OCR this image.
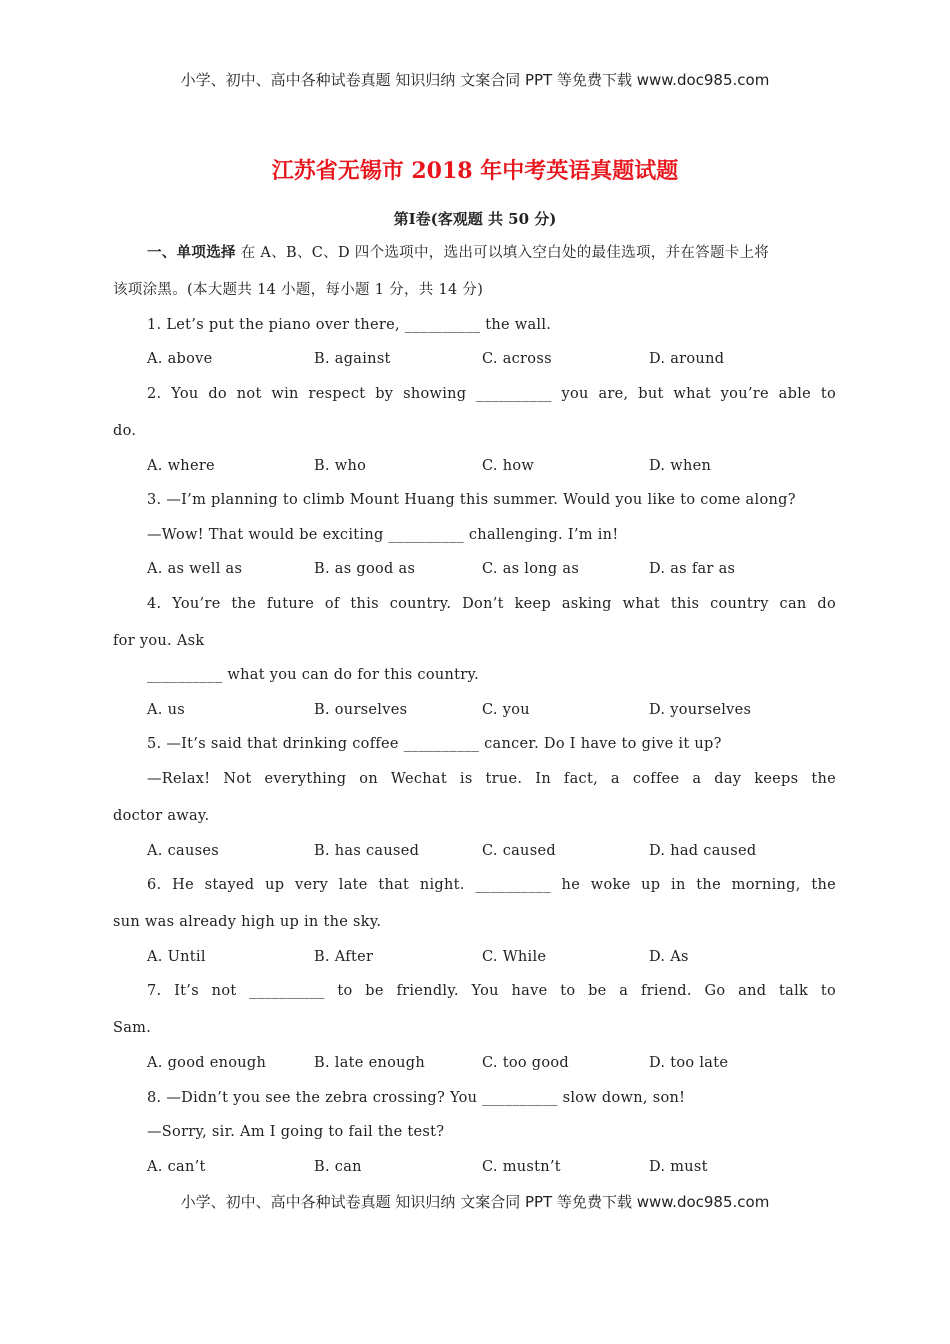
小学、初中、高中各种试卷真题 知识归纳 文案合同 PPT 等免费下载 www.doc985.com
江苏省无锡市 2018 年中考英语真题试题
第Ⅰ卷(客观题 共 50 分)
一、单项选择 在 A、B、C、D 四个选项中，选出可以填入空白处的最佳选项，并在答题卡上将
该项涂黑。(本大题共 14 小题，每小题 1 分，共 14 分)
1. Let’s put the piano over there, __________ the wall.
A. above	B. against	C. across	D. around
2. You do not win respect by showing __________ you are, but what you’re able to
do.
A. where	B. who	C. how	D. when
3. —I’m planning to climb Mount Huang this summer. Would you like to come along?
—Wow! That would be exciting __________ challenging. I’m in!
A. as well as	B. as good as	C. as long as	D. as far as
4. You’re the future of this country. Don’t keep asking what this country can do
for you. Ask
__________ what you can do for this country.
A. us	B. ourselves	C. you	D. yourselves
5. —It’s said that drinking coffee __________ cancer. Do I have to give it up?
—Relax! Not everything on Wechat is true. In fact, a coffee a day keeps the
doctor away.
A. causes	B. has caused	C. caused	D. had caused
6. He stayed up very late that night. __________ he woke up in the morning, the
sun was already high up in the sky.
A. Until	B. After	C. While	D. As
7. It’s not __________ to be friendly. You have to be a friend. Go and talk to
Sam.
A. good enough	B. late enough	C. too good	D. too late
8. —Didn’t you see the zebra crossing? You __________ slow down, son!
—Sorry, sir. Am I going to fail the test?
A. can’t	B. can	C. mustn’t	D. must
小学、初中、高中各种试卷真题 知识归纳 文案合同 PPT 等免费下载 www.doc985.com
